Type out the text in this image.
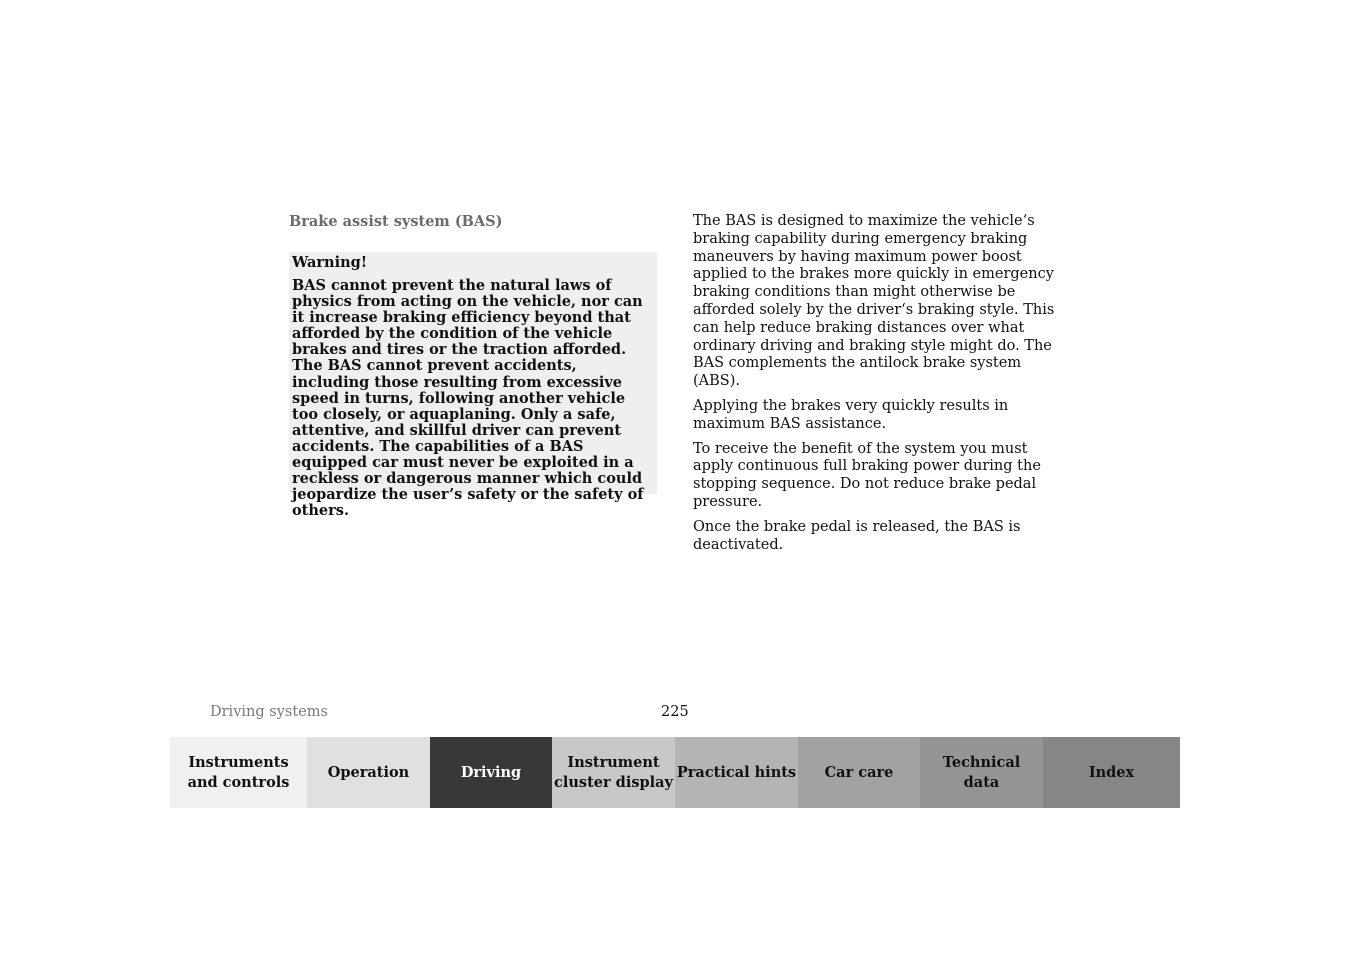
Brake assist system (BAS)

Warning!

BAS cannot prevent the natural laws of physics from acting on the vehicle, nor can it increase braking efficiency beyond that afforded by the condition of the vehicle brakes and tires or the traction afforded. The BAS cannot prevent accidents, including those resulting from excessive speed in turns, following another vehicle too closely, or aquaplaning. Only a safe, attentive, and skillful driver can prevent accidents. The capabilities of a BAS equipped car must never be exploited in a reckless or dangerous manner which could jeopardize the user’s safety or the safety of others.

The BAS is designed to maximize the vehicle‘s braking capability during emergency braking maneuvers by having maximum power boost applied to the brakes more quickly in emergency braking conditions than might otherwise be afforded solely by the driver‘s braking style. This can help reduce braking distances over what ordinary driving and braking style might do. The BAS complements the antilock brake system (ABS).

Applying the brakes very quickly results in maximum BAS assistance.

To receive the benefit of the system you must apply continuous full braking power during the stopping sequence. Do not reduce brake pedal pressure.

Once the brake pedal is released, the BAS is deactivated.

Driving systems	225
Instruments
and controls
Operation	Driving
Instrument
cluster display
Practical hints Car care
Technical
data
Index
